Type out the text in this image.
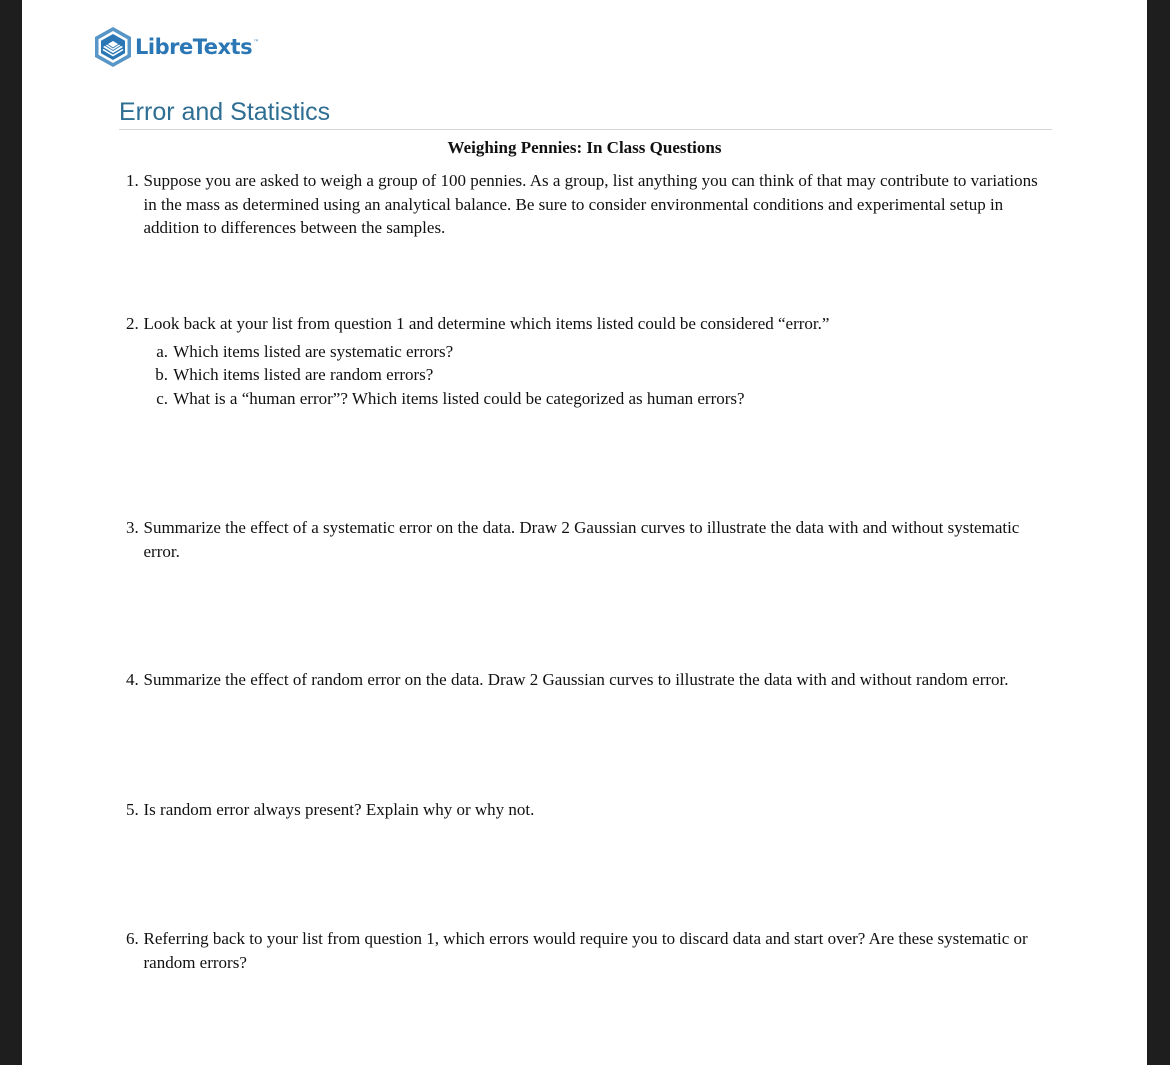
LibreTexts ™
Error and Statistics
Weighing Pennies: In Class Questions
1. Suppose you are asked to weigh a group of 100 pennies. As a group, list anything you can think of that may contribute to variations in the mass as determined using an analytical balance. Be sure to consider environmental conditions and experimental setup in addition to differences between the samples.
2. Look back at your list from question 1 and determine which items listed could be considered “error.”
a. Which items listed are systematic errors?
b. Which items listed are random errors?
c. What is a “human error”? Which items listed could be categorized as human errors?
3. Summarize the effect of a systematic error on the data. Draw 2 Gaussian curves to illustrate the data with and without systematic error.
4. Summarize the effect of random error on the data. Draw 2 Gaussian curves to illustrate the data with and without random error.
5. Is random error always present? Explain why or why not.
6. Referring back to your list from question 1, which errors would require you to discard data and start over? Are these systematic or random errors?
